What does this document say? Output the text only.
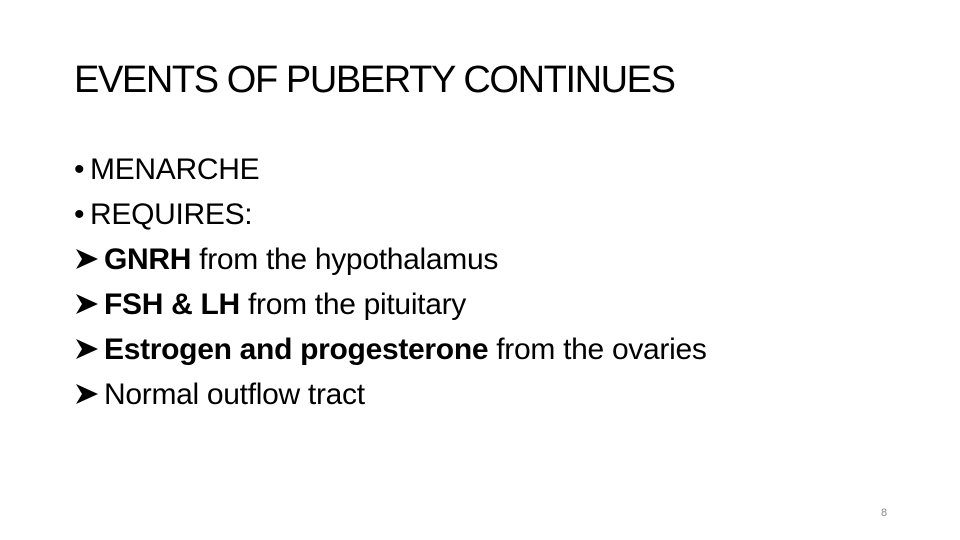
EVENTS OF PUBERTY CONTINUES
• MENARCHE
• REQUIRES:
GNRH from the hypothalamus
FSH & LH from the pituitary
Estrogen and progesterone from the ovaries
Normal outflow tract
8
